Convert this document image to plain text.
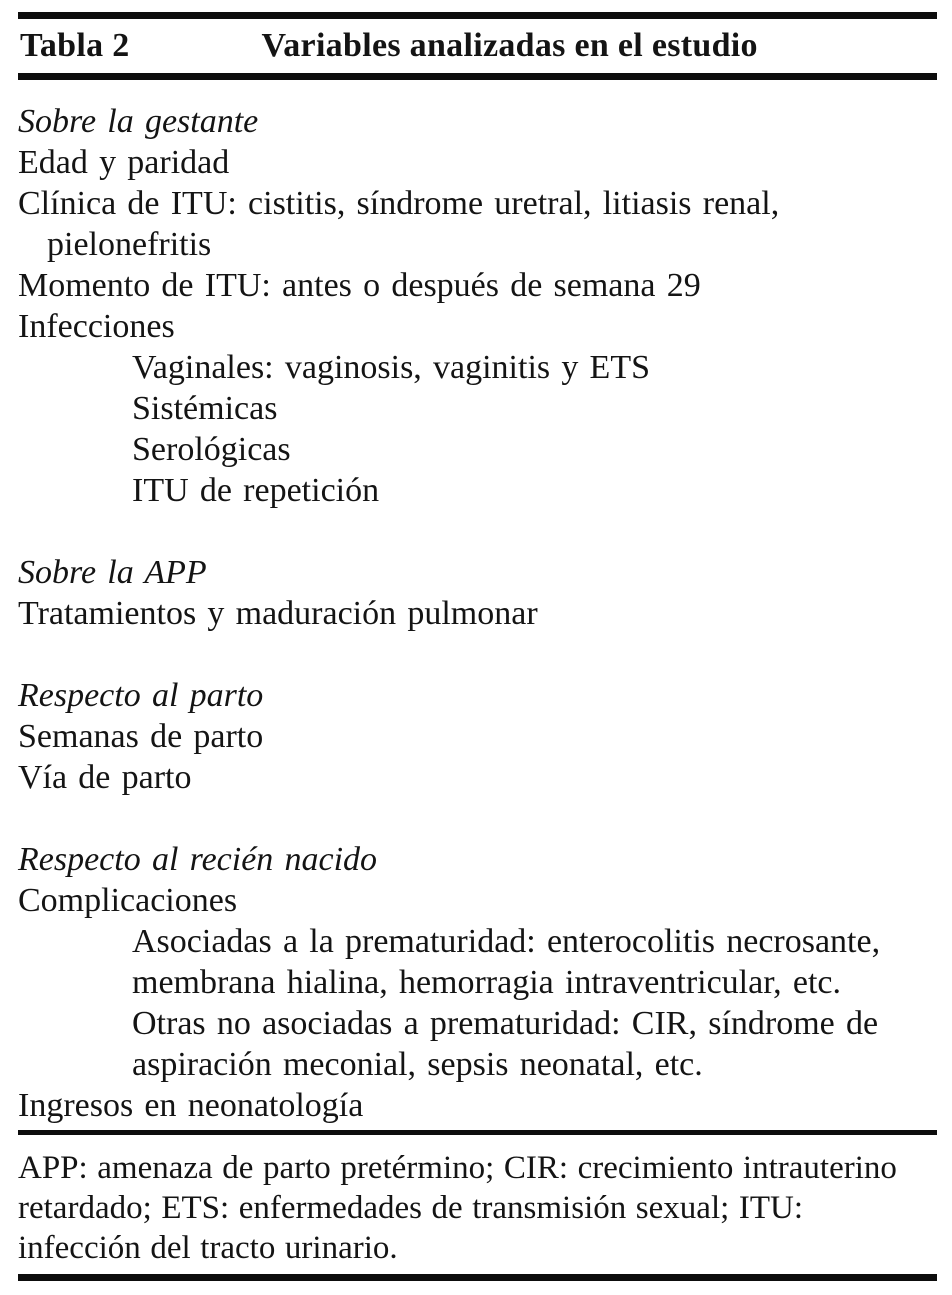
Tabla 2	Variables analizadas en el estudio
Sobre la gestante
Edad y paridad
Clínica de ITU: cistitis, síndrome uretral, litiasis renal,
pielonefritis
Momento de ITU: antes o después de semana 29
Infecciones
Vaginales: vaginosis, vaginitis y ETS
Sistémicas
Serológicas
ITU de repetición
Sobre la APP
Tratamientos y maduración pulmonar
Respecto al parto
Semanas de parto
Vía de parto
Respecto al recién nacido
Complicaciones
Asociadas a la prematuridad: enterocolitis necrosante,
membrana hialina, hemorragia intraventricular, etc.
Otras no asociadas a prematuridad: CIR, síndrome de
aspiración meconial, sepsis neonatal, etc.
Ingresos en neonatología
APP: amenaza de parto pretérmino; CIR: crecimiento intrauterino
retardado; ETS: enfermedades de transmisión sexual; ITU:
infección del tracto urinario.
